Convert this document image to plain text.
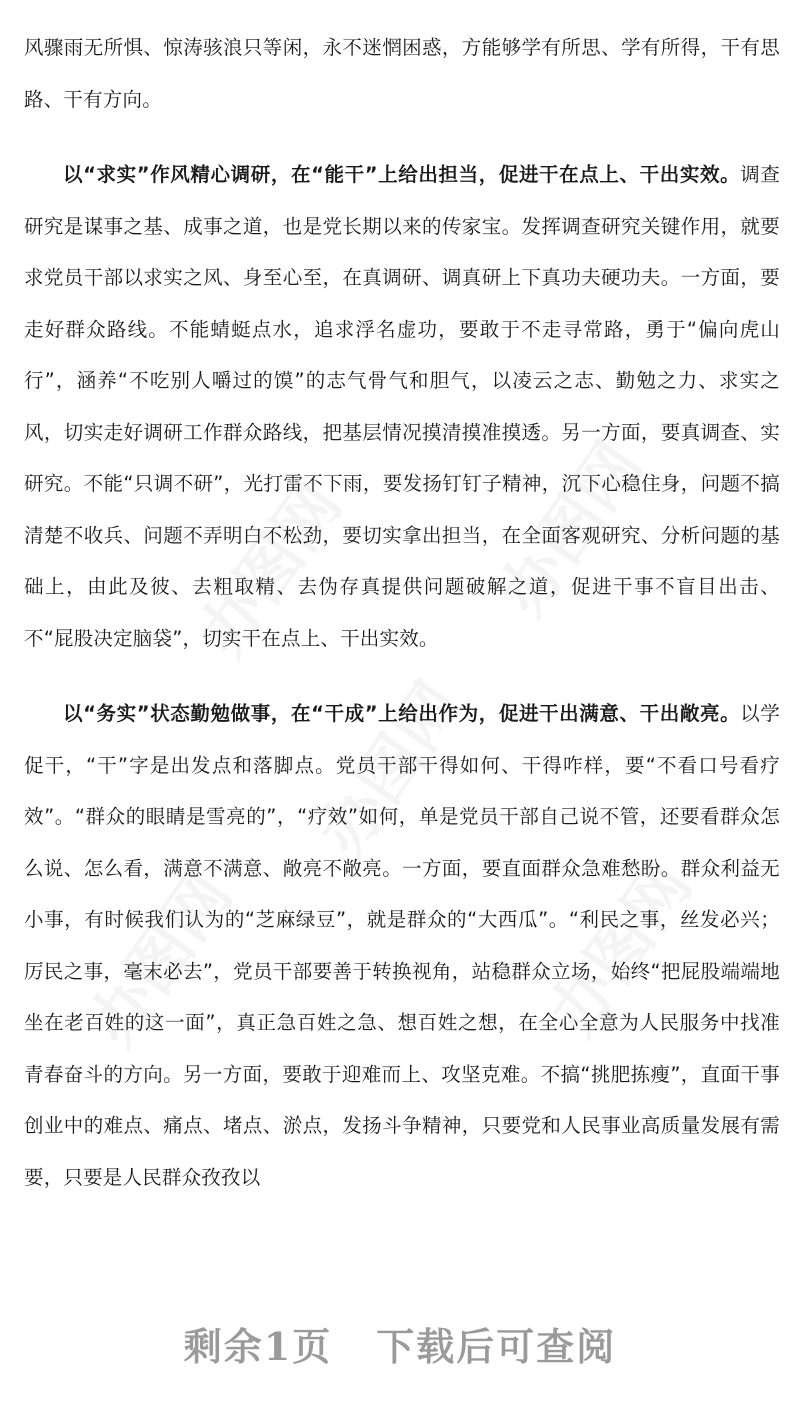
风骤雨无所惧、惊涛骇浪只等闲，永不迷惘困惑，方能够学有所思、学有所得，干有思路、干有方向。

以“求实”作风精心调研，在“能干”上给出担当，促进干在点上、干出实效。调查研究是谋事之基、成事之道，也是党长期以来的传家宝。发挥调查研究关键作用，就要求党员干部以求实之风、身至心至，在真调研、调真研上下真功夫硬功夫。一方面，要走好群众路线。不能蜻蜓点水，追求浮名虚功，要敢于不走寻常路，勇于“偏向虎山行”，涵养“不吃别人嚼过的馍”的志气骨气和胆气，以凌云之志、勤勉之力、求实之风，切实走好调研工作群众路线，把基层情况摸清摸准摸透。另一方面，要真调查、实研究。不能“只调不研”，光打雷不下雨，要发扬钉钉子精神，沉下心稳住身，问题不搞清楚不收兵、问题不弄明白不松劲，要切实拿出担当，在全面客观研究、分析问题的基础上，由此及彼、去粗取精、去伪存真提供问题破解之道，促进干事不盲目出击、不“屁股决定脑袋”，切实干在点上、干出实效。

以“务实”状态勤勉做事，在“干成”上给出作为，促进干出满意、干出敞亮。以学促干，“干”字是出发点和落脚点。党员干部干得如何、干得咋样，要“不看口号看疗效”。“群众的眼睛是雪亮的”，“疗效”如何，单是党员干部自己说不管，还要看群众怎么说、怎么看，满意不满意、敞亮不敞亮。一方面，要直面群众急难愁盼。群众利益无小事，有时候我们认为的“芝麻绿豆”，就是群众的“大西瓜”。“利民之事，丝发必兴； 厉民之事，毫末必去”，党员干部要善于转换视角，站稳群众立场，始终“把屁股端端地坐在老百姓的这一面”，真正急百姓之急、想百姓之想，在全心全意为人民服务中找准青春奋斗的方向。另一方面，要敢于迎难而上、攻坚克难。不搞“挑肥拣瘦”，直面干事创业中的难点、痛点、堵点、淤点，发扬斗争精神，只要党和人民事业高质量发展有需要，只要是人民群众孜孜以

剩余1页 下载后可查阅
